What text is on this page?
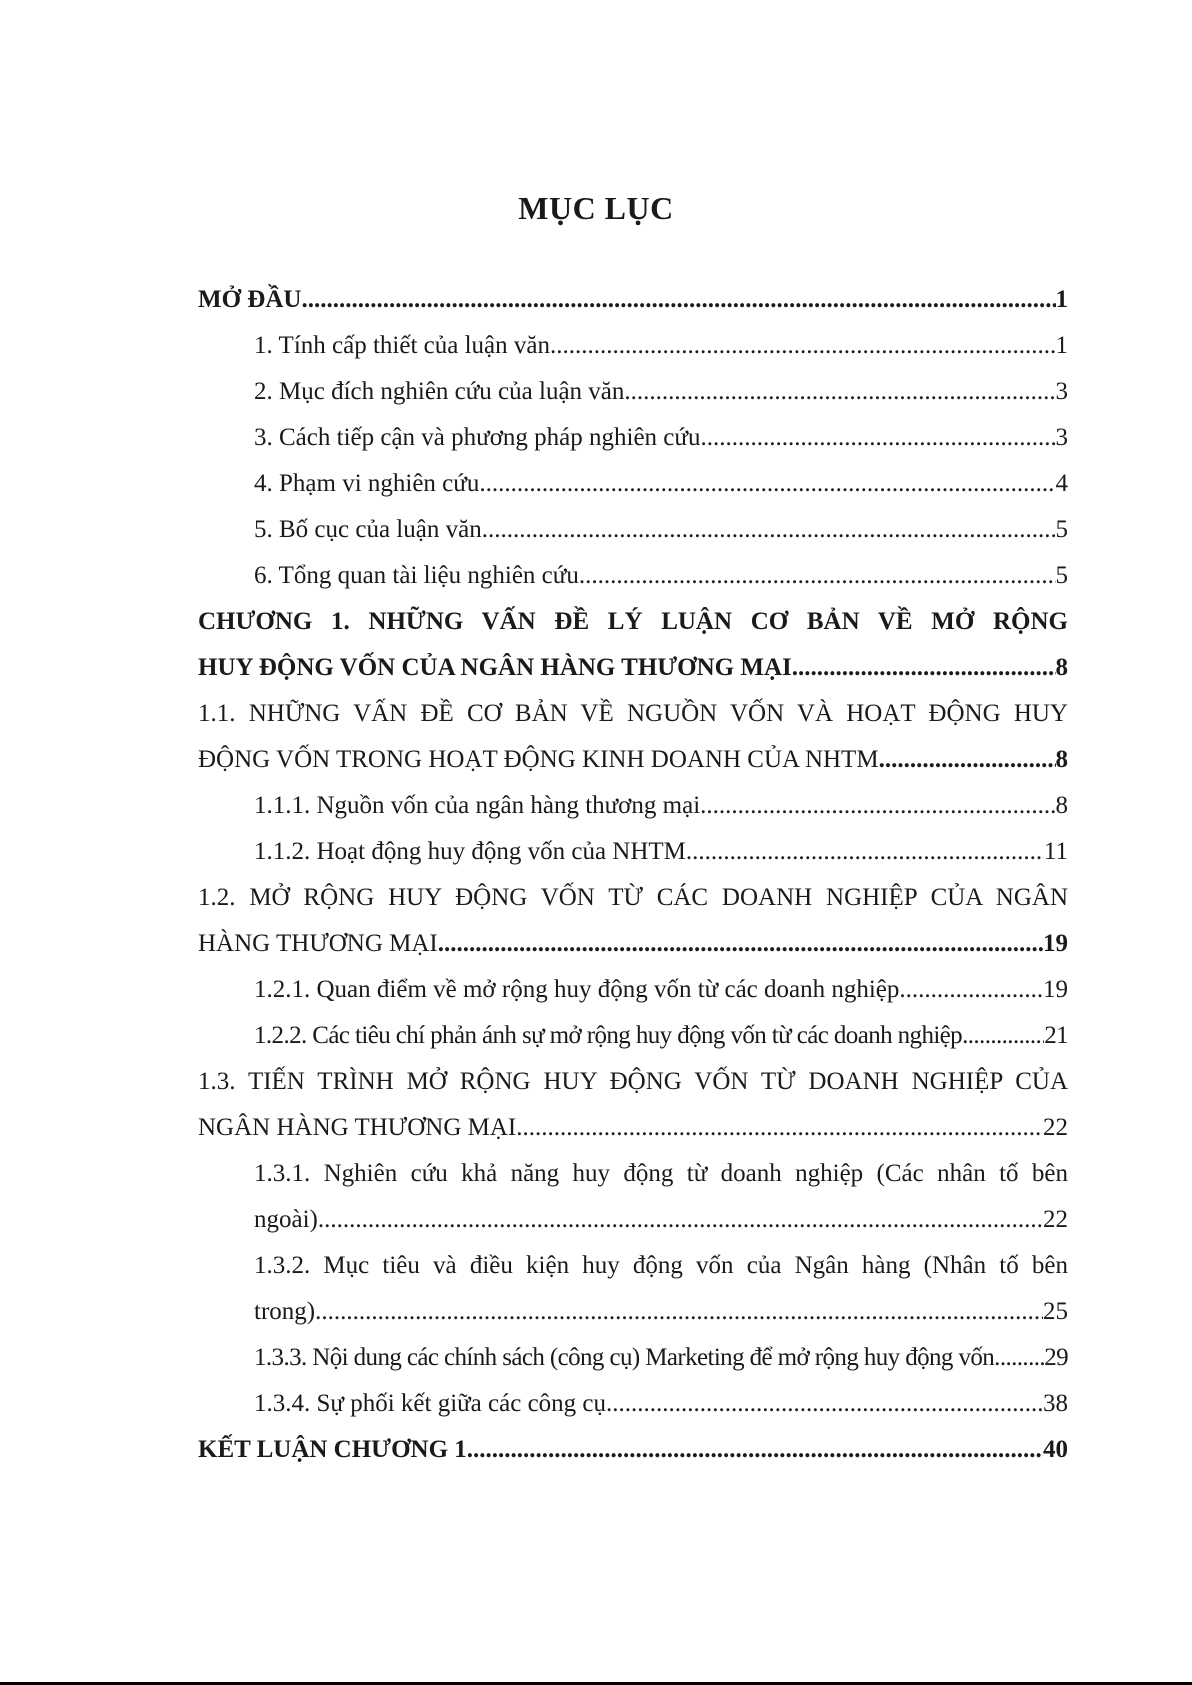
MỤC LỤC
MỞ ĐẦU .....	1
1. Tính cấp thiết của luận văn .....	1
2. Mục đích nghiên cứu của luận văn .....	3
3. Cách tiếp cận và phương pháp nghiên cứu .....	3
4. Phạm vi nghiên cứu .....	4
5. Bố cục của luận văn .....	5
6. Tổng quan tài liệu nghiên cứu .....	5
CHƯƠNG 1. NHỮNG VẤN ĐỀ LÝ LUẬN CƠ BẢN VỀ MỞ RỘNG
HUY ĐỘNG VỐN CỦA NGÂN HÀNG THƯƠNG MẠI .....	8
1.1. NHỮNG VẤN ĐỀ CƠ BẢN VỀ NGUỒN VỐN VÀ HOẠT ĐỘNG HUY
ĐỘNG VỐN TRONG HOẠT ĐỘNG KINH DOANH CỦA NHTM .....	8
1.1.1. Nguồn vốn của ngân hàng thương mại .....	8
1.1.2. Hoạt động huy động vốn của NHTM .....	11
1.2. MỞ RỘNG HUY ĐỘNG VỐN TỪ CÁC DOANH NGHIỆP CỦA NGÂN
HÀNG THƯƠNG MẠI .....	19
1.2.1. Quan điểm về mở rộng huy động vốn từ các doanh nghiệp .....	19
1.2.2. Các tiêu chí phản ánh sự mở rộng huy động vốn từ các doanh nghiệp .....	21
1.3. TIẾN TRÌNH MỞ RỘNG HUY ĐỘNG VỐN TỪ DOANH NGHIỆP CỦA
NGÂN HÀNG THƯƠNG MẠI .....	22
1.3.1. Nghiên cứu khả năng huy động từ doanh nghiệp (Các nhân tố bên
ngoài) .....	22
1.3.2. Mục tiêu và điều kiện huy động vốn của Ngân hàng (Nhân tố bên
trong) .....	25
1.3.3. Nội dung các chính sách (công cụ) Marketing để mở rộng huy động vốn ..... 29
1.3.4. Sự phối kết giữa các công cụ .....	38
KẾT LUẬN CHƯƠNG 1 .....	40
